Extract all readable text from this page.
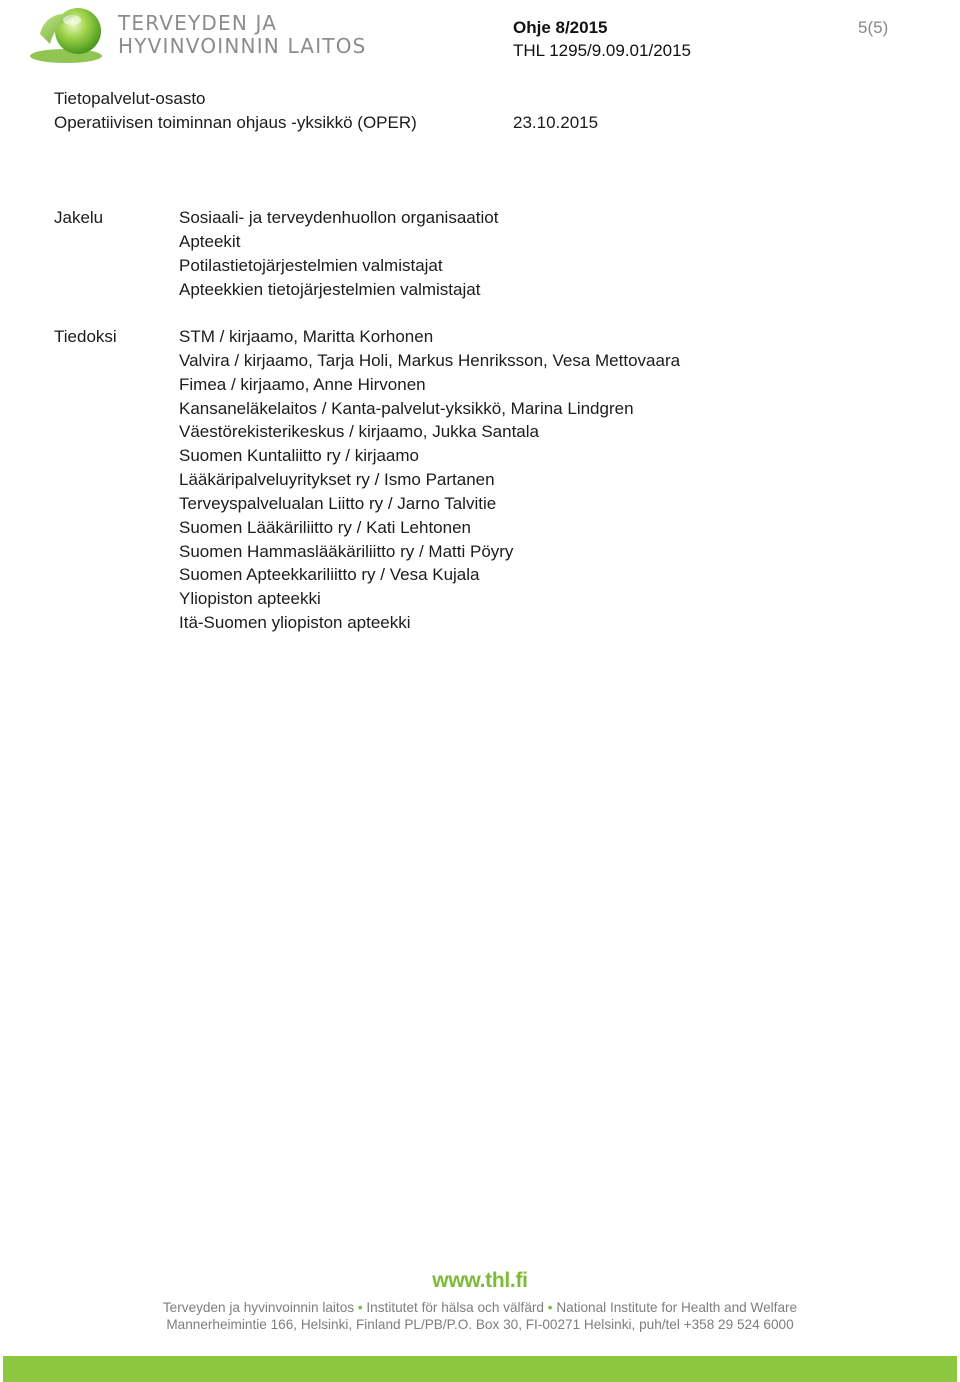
TERVEYDEN JA
HYVINVOINNIN LAITOS
Ohje 8/2015
THL 1295/9.09.01/2015
5(5)
Tietopalvelut-osasto
Operatiivisen toiminnan ohjaus -yksikkö (OPER)	23.10.2015
Jakelu	Sosiaali- ja terveydenhuollon organisaatiot
Apteekit
Potilastietojärjestelmien valmistajat
Apteekkien tietojärjestelmien valmistajat
Tiedoksi	STM / kirjaamo, Maritta Korhonen
Valvira / kirjaamo, Tarja Holi, Markus Henriksson, Vesa Mettovaara
Fimea / kirjaamo, Anne Hirvonen
Kansaneläkelaitos / Kanta-palvelut-yksikkö, Marina Lindgren
Väestörekisterikeskus / kirjaamo, Jukka Santala
Suomen Kuntaliitto ry / kirjaamo
Lääkäripalveluyritykset ry / Ismo Partanen
Terveyspalvelualan Liitto ry / Jarno Talvitie
Suomen Lääkäriliitto ry / Kati Lehtonen
Suomen Hammaslääkäriliitto ry / Matti Pöyry
Suomen Apteekkariliitto ry / Vesa Kujala
Yliopiston apteekki
Itä-Suomen yliopiston apteekki
www.thl.fi
Terveyden ja hyvinvoinnin laitos • Institutet för hälsa och välfärd • National Institute for Health and Welfare
Mannerheimintie 166, Helsinki, Finland PL/PB/P.O. Box 30, FI-00271 Helsinki, puh/tel +358 29 524 6000
